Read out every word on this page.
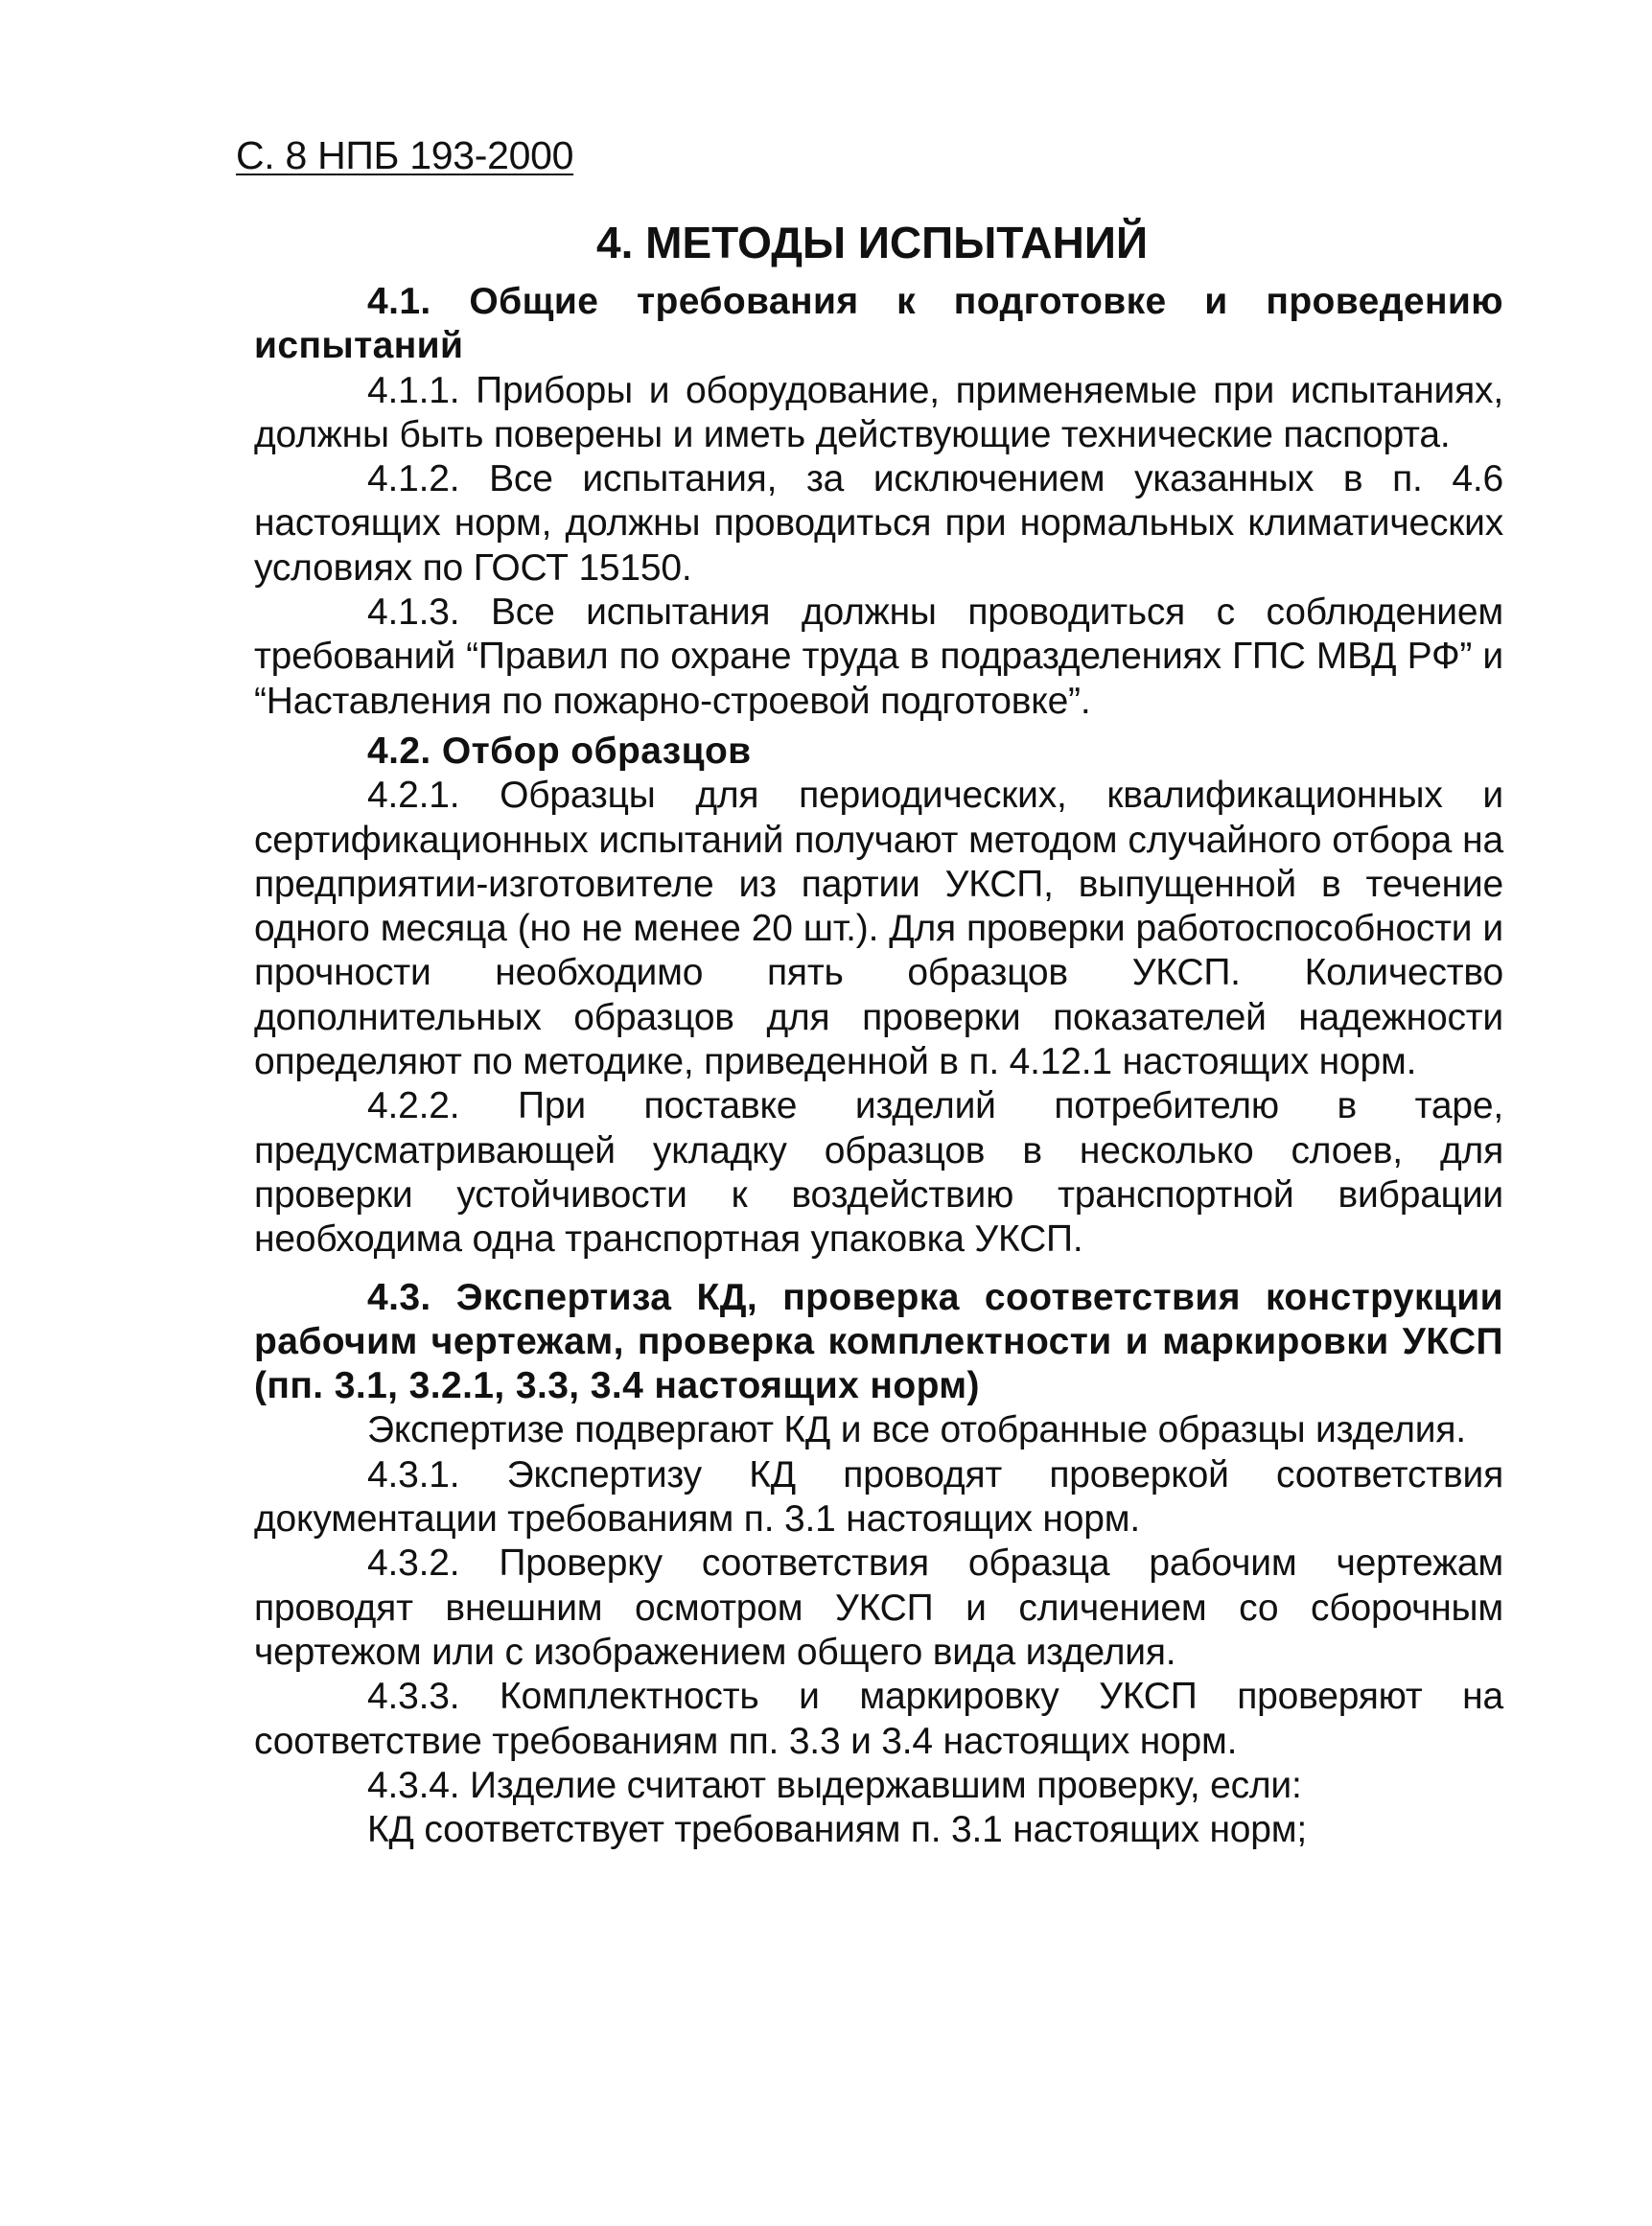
С. 8 НПБ 193-2000
4. МЕТОДЫ ИСПЫТАНИЙ

4.1. Общие требования к подготовке и проведению испытаний

4.1.1. Приборы и оборудование, применяемые при испытаниях, должны быть поверены и иметь действующие технические паспорта.

4.1.2. Все испытания, за исключением указанных в п. 4.6 настоящих норм, должны проводиться при нормальных климатических условиях по ГОСТ 15150.

4.1.3. Все испытания должны проводиться с соблюдением требований “Правил по охране труда в подразделениях ГПС МВД РФ” и “Наставления по пожарно-строевой подготовке”.

4.2. Отбор образцов

4.2.1. Образцы для периодических, квалификационных и сертификационных испытаний получают методом случайного отбора на предприятии-изготовителе из партии УКСП, выпущенной в течение одного месяца (но не менее 20 шт.). Для проверки работоспособности и прочности необходимо пять образцов УКСП. Количество дополнительных образцов для проверки показателей надежности определяют по методике, приведенной в п. 4.12.1 настоящих норм.

4.2.2. При поставке изделий потребителю в таре, предусматривающей укладку образцов в несколько слоев, для проверки устойчивости к воздействию транспортной вибрации необходима одна транспортная упаковка УКСП.

4.3. Экспертиза КД, проверка соответствия конструкции рабочим чертежам, проверка комплектности и маркировки УКСП (пп. 3.1, 3.2.1, 3.3, 3.4 настоящих норм)

Экспертизе подвергают КД и все отобранные образцы изделия.

4.3.1. Экспертизу КД проводят проверкой соответствия документации требованиям п. 3.1 настоящих норм.

4.3.2. Проверку соответствия образца рабочим чертежам проводят внешним осмотром УКСП и сличением со сборочным чертежом или с изображением общего вида изделия.

4.3.3. Комплектность и маркировку УКСП проверяют на соответствие требованиям пп. 3.3 и 3.4 настоящих норм.

4.3.4. Изделие считают выдержавшим проверку, если:

КД соответствует требованиям п. 3.1 настоящих норм;
